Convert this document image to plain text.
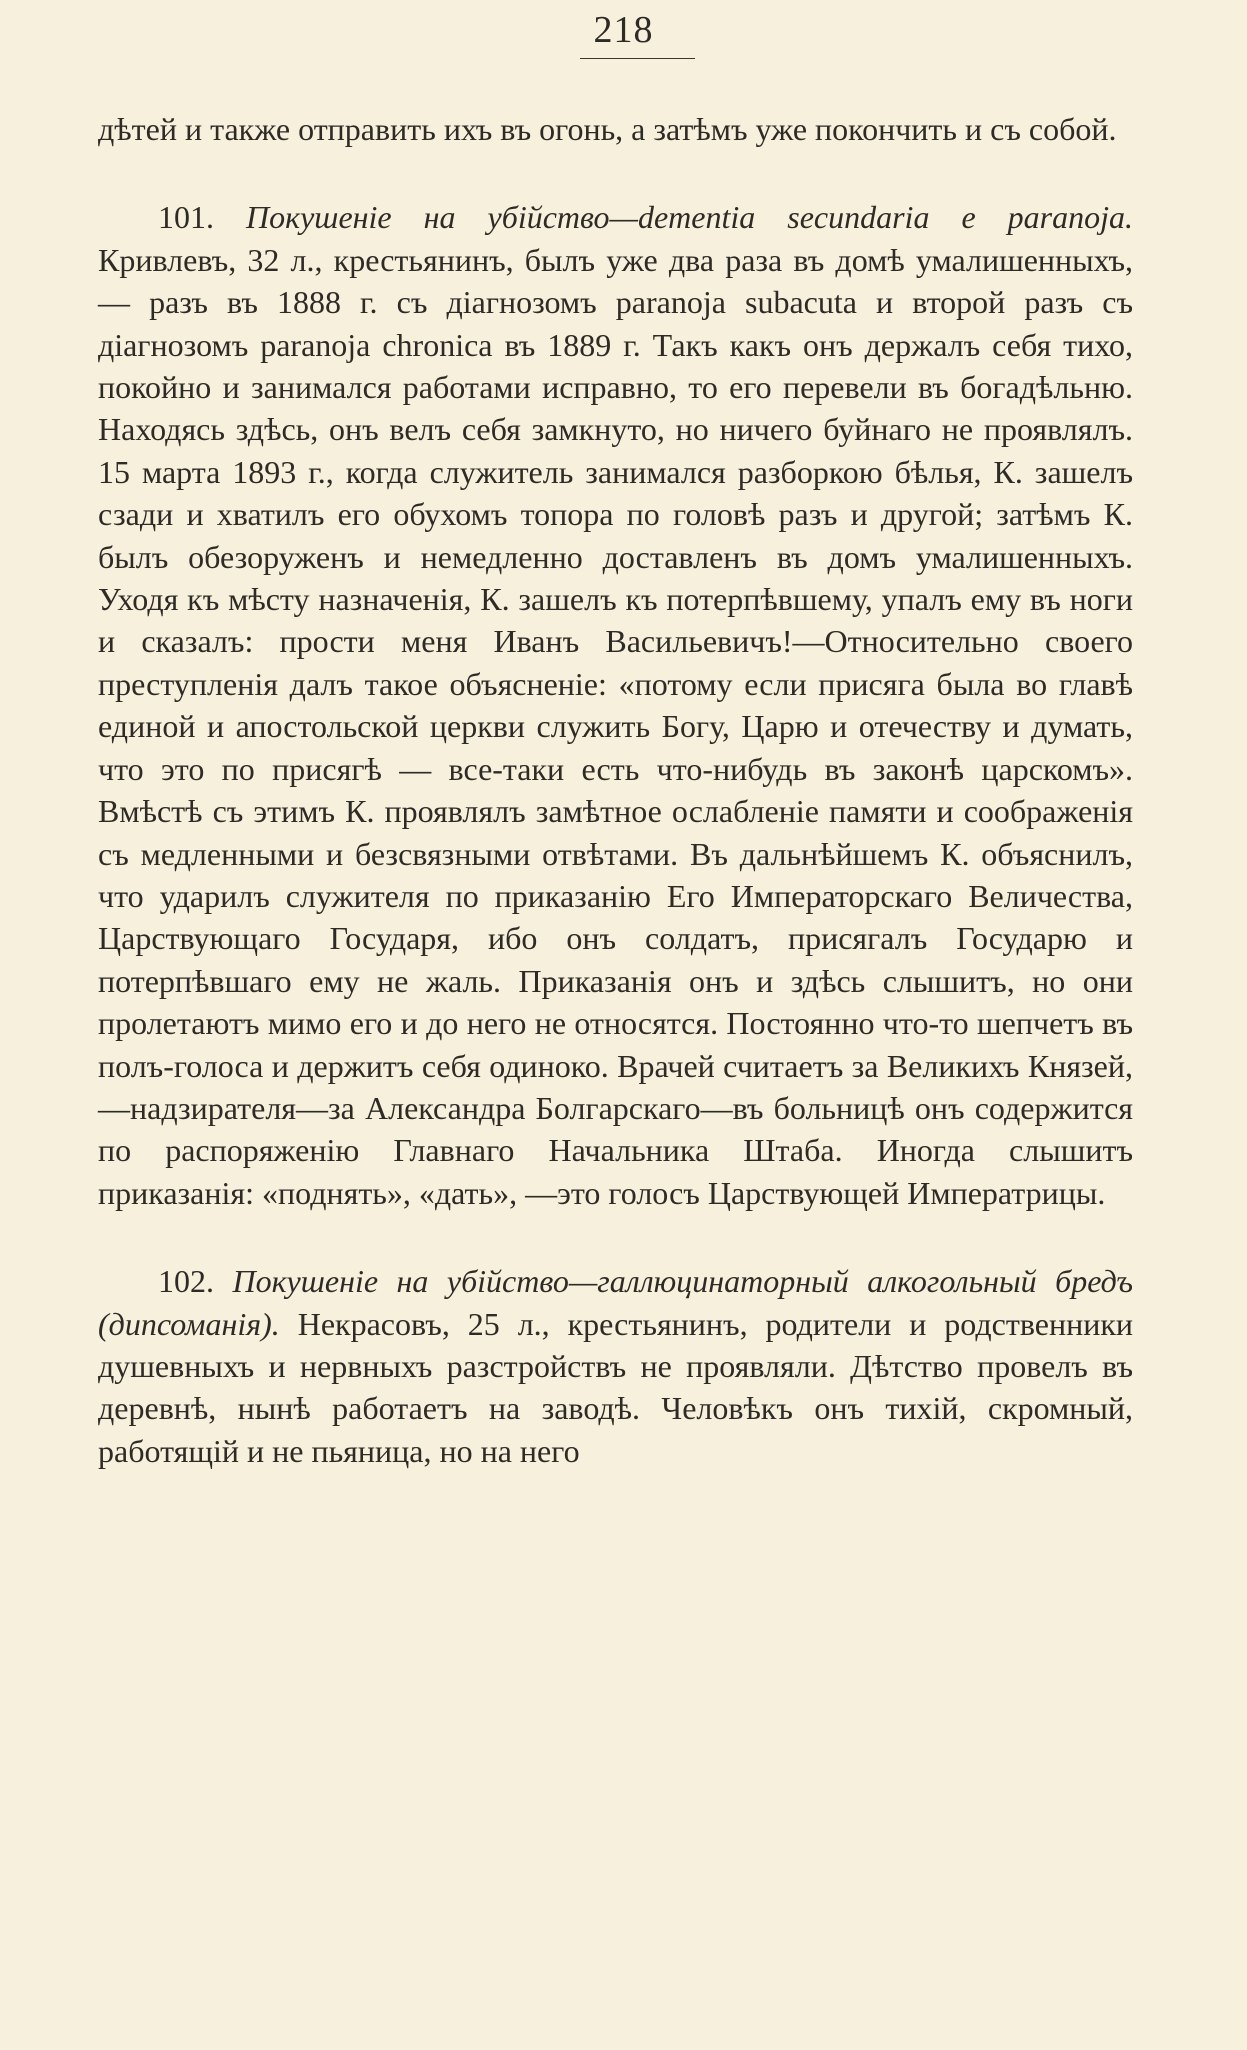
218

дѣтей и также отправить ихъ въ огонь, а затѣмъ уже покончить и съ собой.

101. Покушеніе на убійство—dementia secundaria e paranoja. Кривлевъ, 32 л., крестьянинъ, былъ уже два раза въ домѣ умалишенныхъ, — разъ въ 1888 г. съ діагнозомъ paranoja subacuta и второй разъ съ діагнозомъ paranoja chronica въ 1889 г. Такъ какъ онъ держалъ себя тихо, покойно и занимался работами исправно, то его перевели въ богадѣльню. Находясь здѣсь, онъ велъ себя замкнуто, но ничего буйнаго не проявлялъ. 15 марта 1893 г., когда служитель занимался разборкою бѣлья, К. зашелъ сзади и хватилъ его обухомъ топора по головѣ разъ и другой; затѣмъ К. былъ обезоруженъ и немедленно доставленъ въ домъ умалишенныхъ. Уходя къ мѣсту назначенія, К. зашелъ къ потерпѣвшему, упалъ ему въ ноги и сказалъ: прости меня Иванъ Васильевичъ!—Относительно своего преступленія далъ такое объясненіе: «потому если присяга была во главѣ единой и апостольской церкви служить Богу, Царю и отечеству и думать, что это по присягѣ — все-таки есть что-нибудь въ законѣ царскомъ». Вмѣстѣ съ этимъ К. проявлялъ замѣтное ослабленіе памяти и соображенія съ медленными и безсвязными отвѣтами. Въ дальнѣйшемъ К. объяснилъ, что ударилъ служителя по приказанію Его Императорскаго Величества, Царствующаго Государя, ибо онъ солдатъ, присягалъ Государю и потерпѣвшаго ему не жаль. Приказанія онъ и здѣсь слышитъ, но они пролетаютъ мимо его и до него не относятся. Постоянно что-то шепчетъ въ полъ-голоса и держитъ себя одиноко. Врачей считаетъ за Великихъ Князей,—надзирателя—за Александра Болгарскаго—въ больницѣ онъ содержится по распоряженію Главнаго Начальника Штаба. Иногда слышитъ приказанія: «поднять», «дать», —это голосъ Царствующей Императрицы.

102. Покушеніе на убійство—галлюцинаторный алкогольный бредъ (дипсоманія). Некрасовъ, 25 л., крестьянинъ, родители и родственники душевныхъ и нервныхъ разстройствъ не проявляли. Дѣтство провелъ въ деревнѣ, нынѣ работаетъ на заводѣ. Человѣкъ онъ тихій, скромный, работящій и не пьяница, но на него
